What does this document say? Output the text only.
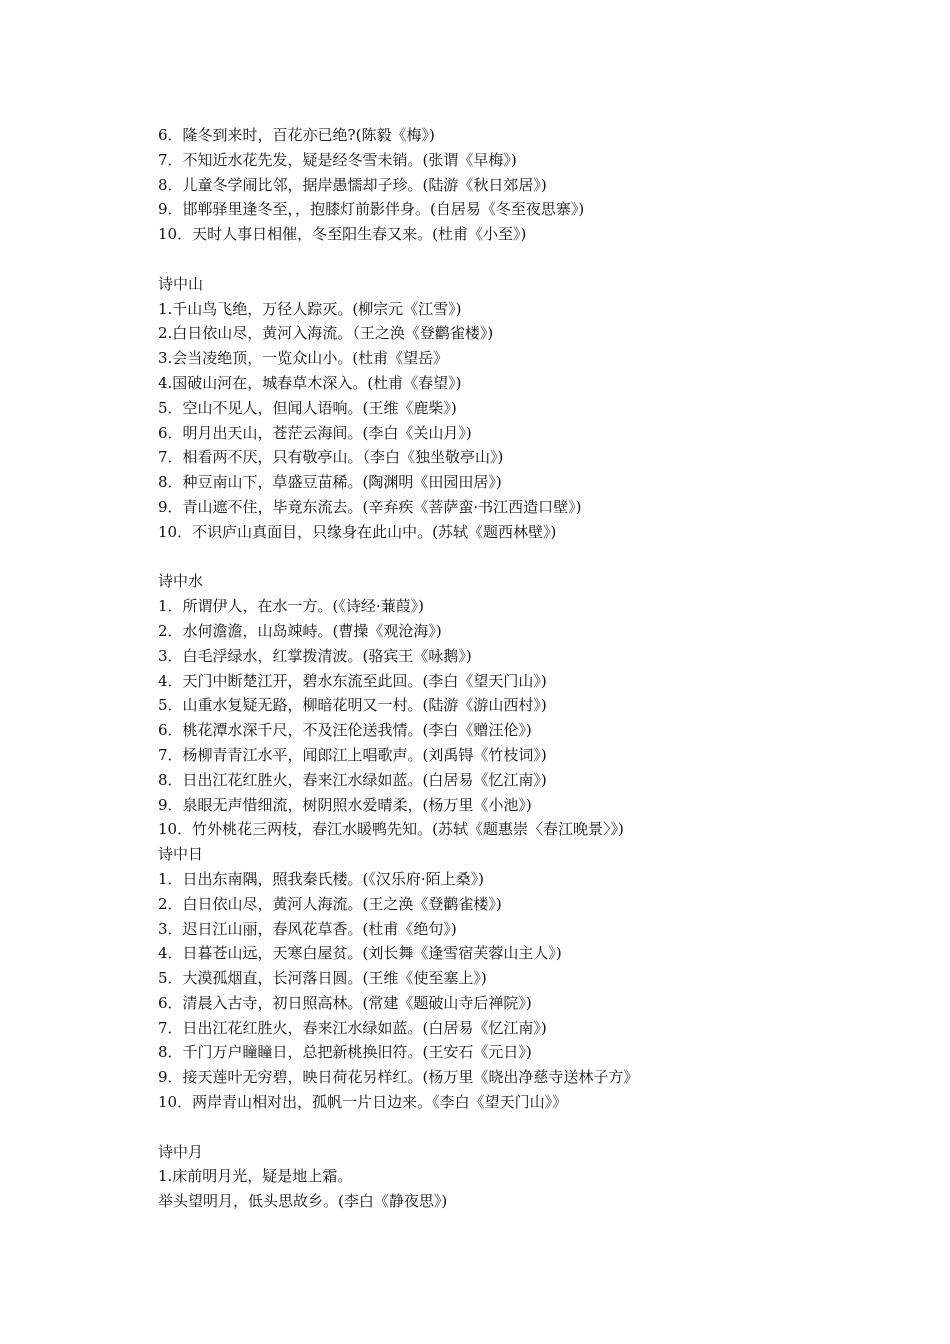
6．隆冬到来时，百花亦已绝?(陈毅《梅》)
7．不知近水花先发，疑是经冬雪未销。(张谓《早梅》)
8．儿童冬学闹比邻，据岸愚懦却子珍。(陆游《秋日郊居》)
9．邯郸驿里逢冬至，，抱膝灯前影伴身。(自居易《冬至夜思寨》)
10．天时人事日相催，冬至阳生春又来。(杜甫《小至》)
诗中山
1.千山鸟飞绝，万径人踪灭。(柳宗元《江雪》)
2.白日依山尽，黄河入海流。（王之涣《登鹳雀楼》)
3.会当凌绝顶，一览众山小。(杜甫《望岳》
4.国破山河在，城春草木深入。(杜甫《春望》)
5．空山不见人，但闻人语响。(王维《鹿柴》)
6．明月出天山，苍茫云海间。(李白《关山月》)
7．相看两不厌，只有敬亭山。（李白《独坐敬亭山》)
8．种豆南山下，草盛豆苗稀。(陶渊明《田园田居》)
9．青山遮不住，毕竟东流去。(辛弃疾《菩萨蛮·书江西造口壁》)
10．不识庐山真面目，只缘身在此山中。(苏轼《题西林壁》)
诗中水
1．所谓伊人，在水一方。(《诗经·蒹葭》)
2．水何澹澹，山岛竦峙。(曹操《观沧海》)
3．白毛浮绿水，红掌拨清波。(骆宾王《咏鹅》)
4．天门中断楚江开，碧水东流至此回。(李白《望天门山》)
5．山重水复疑无路，柳暗花明又一村。(陆游《游山西村》)
6．桃花潭水深千尺，不及汪伦送我情。(李白《赠汪伦》)
7．杨柳青青江水平，闻郎江上唱歌声。(刘禹锝《竹枝词》)
8．日出江花红胜火，春来江水绿如蓝。(白居易《忆江南》)
9．泉眼无声惜细流，树阴照水爱晴柔，(杨万里《小池》)
10．竹外桃花三两枝，春江水暖鸭先知。(苏轼《题惠崇〈春江晚景〉》)
诗中日
1．日出东南隅，照我秦氏楼。(《汉乐府·陌上桑》)
2．白日依山尽，黄河人海流。(王之涣《登鹳雀楼》)
3．迟日江山丽，春风花草香。(杜甫《绝句》)
4．日暮苍山远，天寒白屋贫。(刘长舞《逢雪宿芙蓉山主人》)
5．大漠孤烟直，长河落日圆。(王维《使至塞上》)
6．清晨入古寺，初日照高林。(常建《题破山寺后禅院》)
7．日出江花红胜火，春来江水绿如蓝。(白居易《忆江南》)
8．千门万户瞳瞳日，总把新桃换旧符。(王安石《元日》)
9．接天莲叶无穷碧，映日荷花另样红。(杨万里《晓出净慈寺送林子方》
10．两岸青山相对出，孤帆一片日边来。《李白《望天门山》》
诗中月
1.床前明月光，疑是地上霜。
举头望明月，低头思故乡。(李白《静夜思》)
